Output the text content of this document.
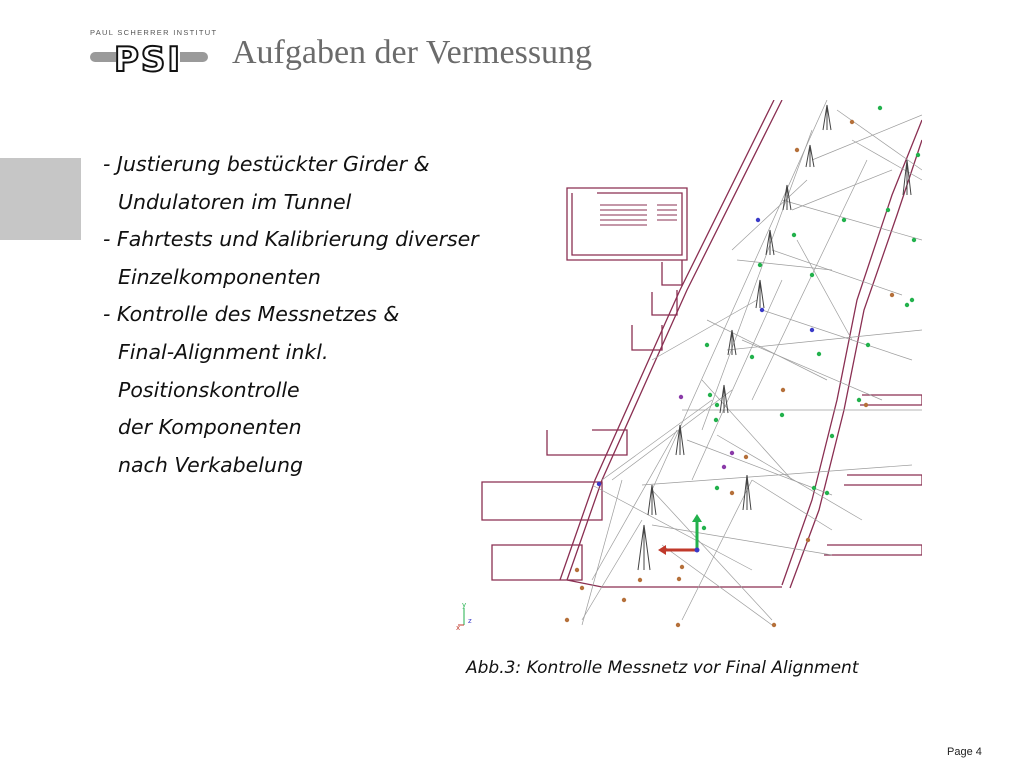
PAUL SCHERRER INSTITUT
PSI Aufgaben der Vermessung
- Justierung bestückter Girder &
Undulatoren im Tunnel
- Fahrtests und Kalibrierung diverser
Einzelkomponenten
- Kontrolle des Messnetzes &
Final-Alignment inkl.
Positionskontrolle
der Komponenten
nach Verkabelung
y
x
z
Abb.3: Kontrolle Messnetz vor Final Alignment
Page 4
